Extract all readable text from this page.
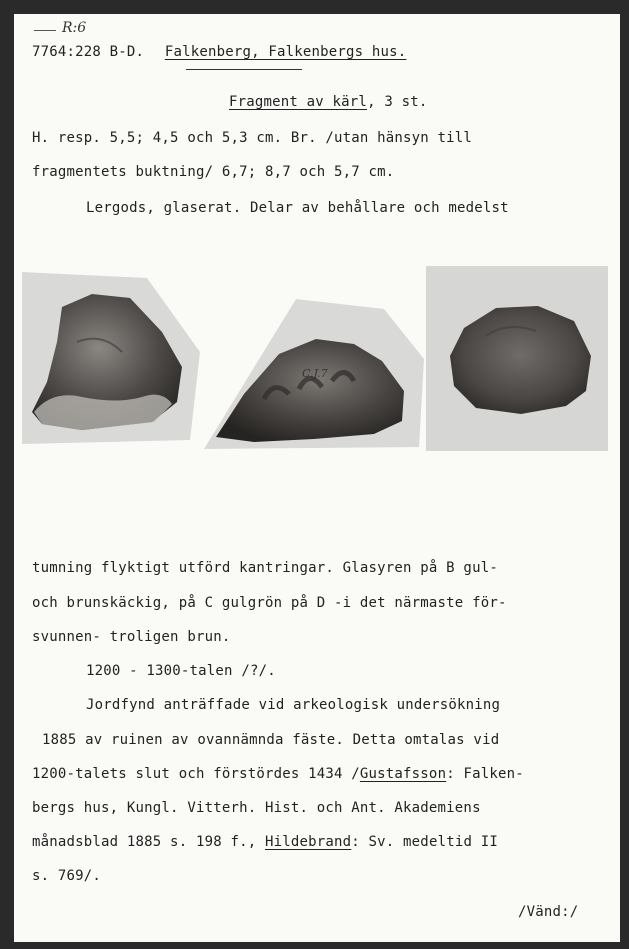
R:6
7764:228 B-D. Falkenberg, Falkenbergs hus.
Fragment av kärl, 3 st.
H. resp. 5,5; 4,5 och 5,3 cm. Br. /utan hänsyn till
fragmentets buktning/ 6,7; 8,7 och 5,7 cm.
Lergods, glaserat. Delar av behållare och medelst
C.J.7
tumning flyktigt utförd kantringar. Glasyren på B gul-
och brunskäckig, på C gulgrön på D -i det närmaste för-
svunnen- troligen brun.
1200 - 1300-talen /?/.
Jordfynd anträffade vid arkeologisk undersökning
1885 av ruinen av ovannämnda fäste. Detta omtalas vid
1200-talets slut och förstördes 1434 /Gustafsson: Falken-
bergs hus, Kungl. Vitterh. Hist. och Ant. Akademiens
månadsblad 1885 s. 198 f., Hildebrand: Sv. medeltid II
s. 769/.
/Vänd:/
